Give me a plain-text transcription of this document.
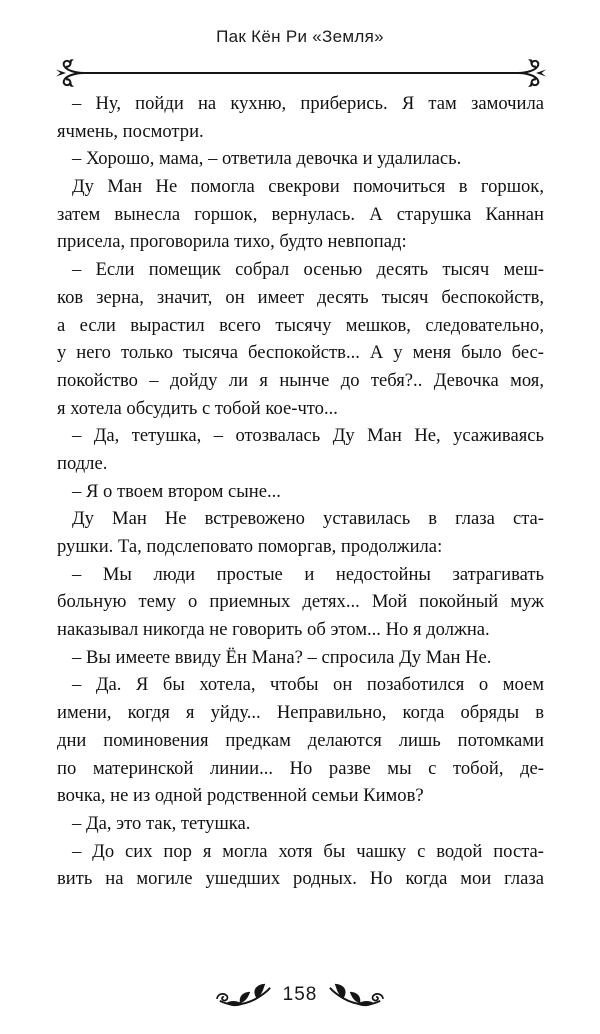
Пак Кён Ри «Земля»
– Ну, пойди на кухню, приберись. Я там замочила
ячмень, посмотри.
– Хорошо, мама, – ответила девочка и удалилась.
Ду Ман Не помогла свекрови помочиться в горшок,
затем вынесла горшок, вернулась. А старушка Каннан
присела, проговорила тихо, будто невпопад:
– Если помещик собрал осенью десять тысяч меш-
ков зерна, значит, он имеет десять тысяч беспокойств,
а если вырастил всего тысячу мешков, следовательно,
у него только тысяча беспокойств... А у меня было бес-
покойство – дойду ли я нынче до тебя?.. Девочка моя,
я хотела обсудить с тобой кое-что...
– Да, тетушка, – отозвалась Ду Ман Не, усаживаясь
подле.
– Я о твоем втором сыне...
Ду Ман Не встревожено уставилась в глаза ста-
рушки. Та, подслеповато поморгав, продолжила:
– Мы люди простые и недостойны затрагивать
больную тему о приемных детях... Мой покойный муж
наказывал никогда не говорить об этом... Но я должна.
– Вы имеете ввиду Ён Мана? – спросила Ду Ман Не.
– Да. Я бы хотела, чтобы он позаботился о моем
имени, когдя я уйду... Неправильно, когда обряды в
дни поминовения предкам делаются лишь потомками
по материнской линии... Но разве мы с тобой, де-
вочка, не из одной родственной семьи Кимов?
– Да, это так, тетушка.
– До сих пор я могла хотя бы чашку с водой поста-
вить на могиле ушедших родных. Но когда мои глаза
158
